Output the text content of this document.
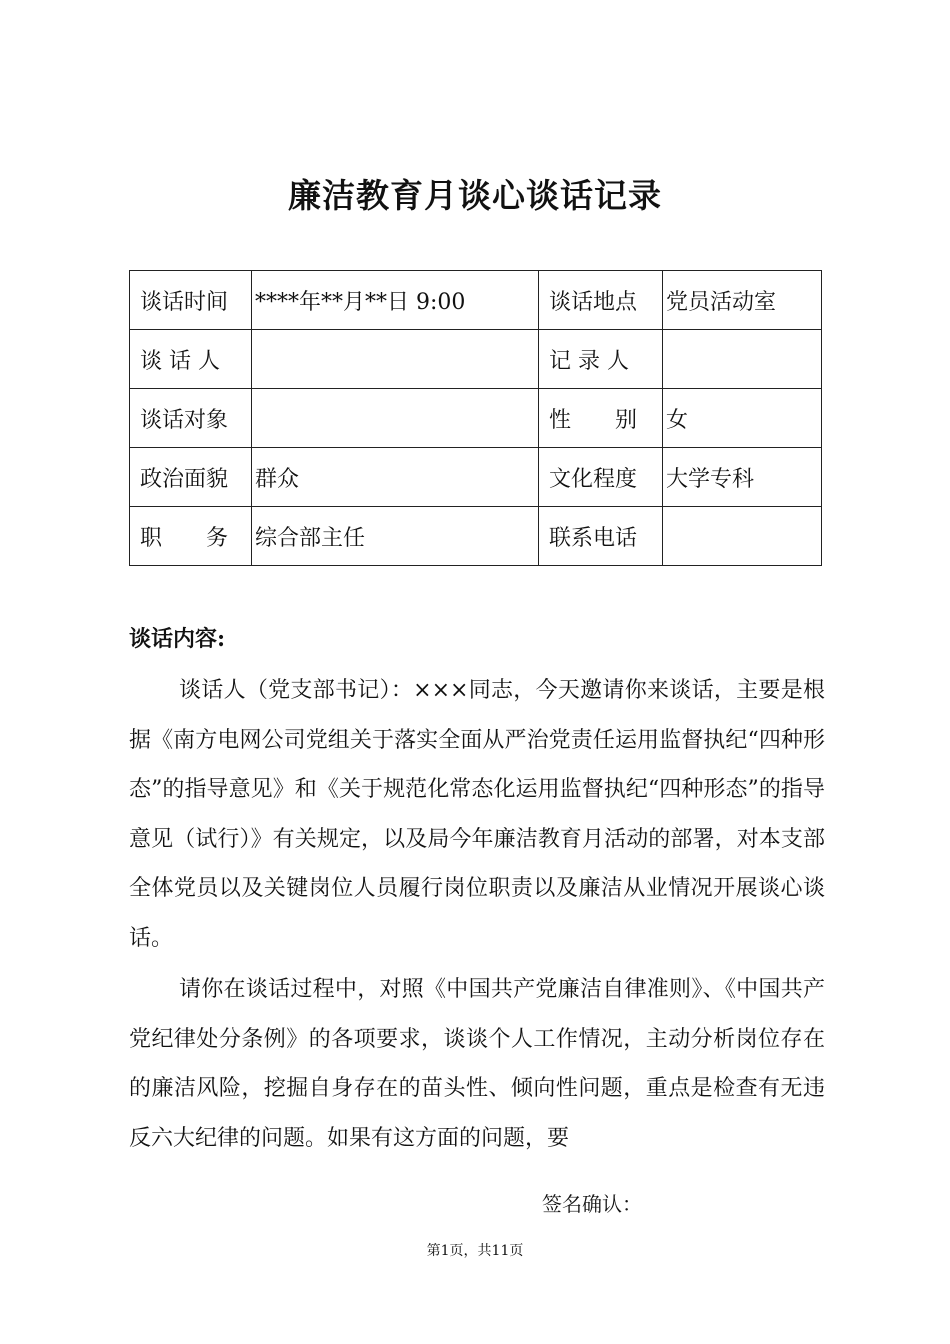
廉洁教育月谈心谈话记录
谈话时间	****年**月**日 9:00	谈话地点	党员活动室
谈 话 人		记 录 人	
谈话对象		性　　别	女
政治面貌	群众	文化程度	大学专科
职　　务	综合部主任	联系电话	
谈话内容:

谈话人（党支部书记）：×××同志，今天邀请你来谈话，主要是根据《南方电网公司党组关于落实全面从严治党责任运用监督执纪“四种形态”的指导意见》和《关于规范化常态化运用监督执纪“四种形态”的指导意见（试行）》有关规定，以及局今年廉洁教育月活动的部署，对本支部全体党员以及关键岗位人员履行岗位职责以及廉洁从业情况开展谈心谈话。

请你在谈话过程中，对照《中国共产党廉洁自律准则》、《中国共产党纪律处分条例》的各项要求，谈谈个人工作情况，主动分析岗位存在的廉洁风险，挖掘自身存在的苗头性、倾向性问题，重点是检查有无违反六大纪律的问题。如果有这方面的问题，要

签名确认：
第1页，共11页
